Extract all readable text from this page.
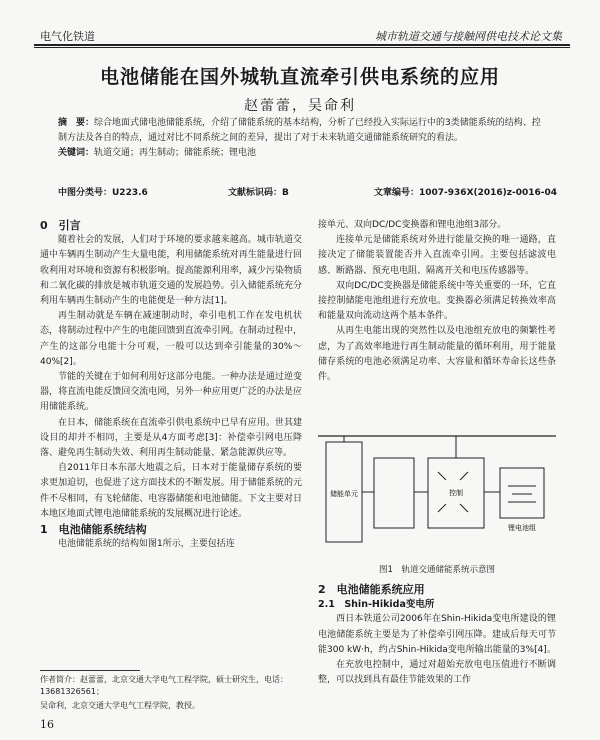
电气化铁道	城市轨道交通与接触网供电技术论文集
电池储能在国外城轨直流牵引供电系统的应用
赵蕾蕾，吴命利
摘　要：综合地面式储电池储能系统，介绍了储能系统的基本结构，分析了已经投入实际运行中的3类储能系统的结构、控制方法及各自的特点，通过对比不同系统之间的差异，提出了对于未来轨道交通储能系统研究的看法。
关键词：轨道交通；再生制动；储能系统；锂电池
中图分类号：U223.6	文献标识码：B	文章编号：1007-936X(2016)z-0016-04

0　引言

随着社会的发展，人们对于环境的要求越来越高。城市轨道交通中车辆再生制动产生大量电能，利用储能系统对再生能量进行回收利用对环境和资源有积极影响。提高能源利用率，减少污染物质和二氧化碳的排放是城市轨道交通的发展趋势。引入储能系统充分利用车辆再生制动产生的电能便是一种方法[1]。

再生制动就是车辆在减速制动时，牵引电机工作在发电机状态，将制动过程中产生的电能回馈到直流牵引网。在制动过程中，产生的这部分电能十分可观，一般可以达到牵引能量的30%～40%[2]。

节能的关键在于如何利用好这部分电能。一种办法是通过逆变器，将直流电能反馈回交流电网，另外一种应用更广泛的办法是应用储能系统。

在日本，储能系统在直流牵引供电系统中已早有应用。世其建设目的却并不相同，主要是从4方面考虑[3]：补偿牵引网电压降落、避免再生制动失效、利用再生制动能量、紧急能源供应等。

自2011年日本东部大地震之后，日本对于能量储存系统的要求更加迫切，也促进了这方面技术的不断发展。用于储能系统的元件不尽相同，有飞轮储能、电容器储能和电池储能。下文主要对日本地区地面式锂电池储能系统的发展概况进行论述。

1　电池储能系统结构

电池储能系统的结构如图1所示，主要包括连

作者简介：赵蕾蕾，北京交通大学电气工程学院，硕士研究生，电话：13681326561；
吴命利，北京交通大学电气工程学院，教授。
16

接单元、双向DC/DC变换器和锂电池组3部分。

连接单元是储能系统对外进行能量交换的唯一通路，直接决定了储能装置能否并入直流牵引网。主要包括滤波电感、断路器、预充电电阻、隔离开关和电压传感器等。

双向DC/DC变换器是储能系统中等关重要的一环，它直接控制储能电池组进行充放电。变换器必须满足转换效率高和能量双向流动这两个基本条件。

从再生电能出现的突然性以及电池组充放电的频繁性考虑，为了高效率地进行再生制动能量的循环利用，用于能量储存系统的电池必须满足功率、大容量和循环寿命长这些条件。

储能单元	控制
锂电池组
图1　轨道交通储能系统示意图

2　电池储能系统应用

2.1　Shin-Hikida变电所

西日本铁道公司2006年在Shin-Hikida变电所建设的锂电池储能系统主要是为了补偿牵引网压降。建成后每天可节能300 kW·h，约占Shin-Hikida变电所输出能量的3%[4]。

在充放电控制中，通过对超始充放电电压值进行不断调整，可以找到具有最佳节能效果的工作
